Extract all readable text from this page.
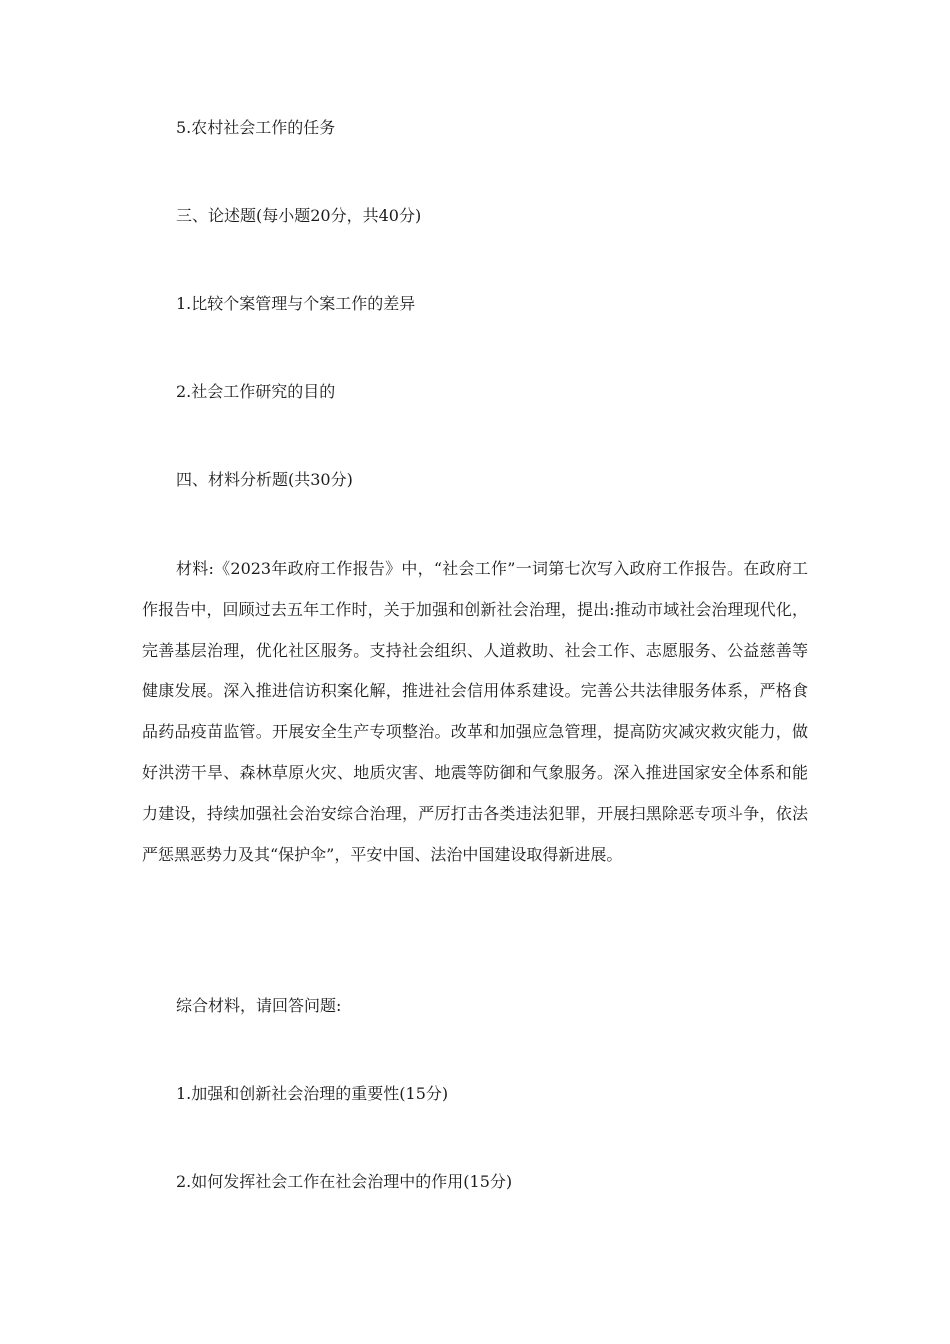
5.农村社会工作的任务

三、论述题(每小题20分，共40分)

1.比较个案管理与个案工作的差异

2.社会工作研究的目的

四、材料分析题(共30分)

材料:《2023年政府工作报告》中，“社会工作”一词第七次写入政府工作报告。在政府工作报告中，回顾过去五年工作时，关于加强和创新社会治理，提出:推动市域社会治理现代化，完善基层治理，优化社区服务。支持社会组织、人道救助、社会工作、志愿服务、公益慈善等健康发展。深入推进信访积案化解，推进社会信用体系建设。完善公共法律服务体系，严格食品药品疫苗监管。开展安全生产专项整治。改革和加强应急管理，提高防灾减灾救灾能力，做好洪涝干旱、森林草原火灾、地质灾害、地震等防御和气象服务。深入推进国家安全体系和能力建设，持续加强社会治安综合治理，严厉打击各类违法犯罪，开展扫黑除恶专项斗争，依法严惩黑恶势力及其“保护伞”，平安中国、法治中国建设取得新进展。

综合材料，请回答问题:

1.加强和创新社会治理的重要性(15分)

2.如何发挥社会工作在社会治理中的作用(15分)
